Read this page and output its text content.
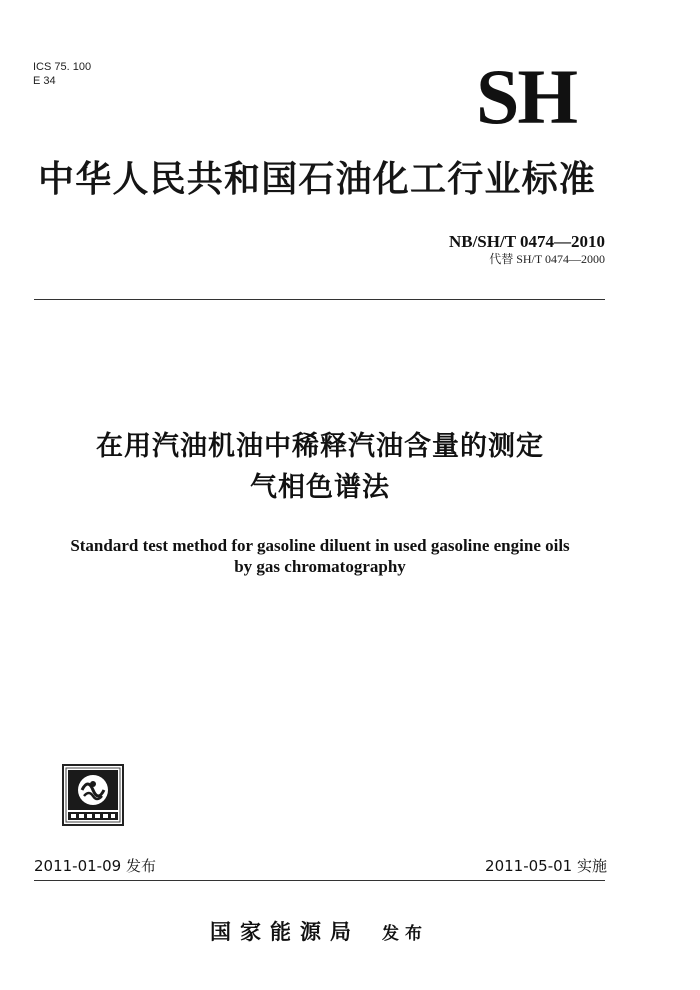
ICS 75. 100
E 34	SH
中华人民共和国石油化工行业标准
NB/SH/T 0474—2010
代替 SH/T 0474—2000
在用汽油机油中稀释汽油含量的测定
气相色谱法
Standard test method for gasoline diluent in used gasoline engine oils
by gas chromatography
2011-01-09 发布	2011-05-01 实施
国家能源局 发布
